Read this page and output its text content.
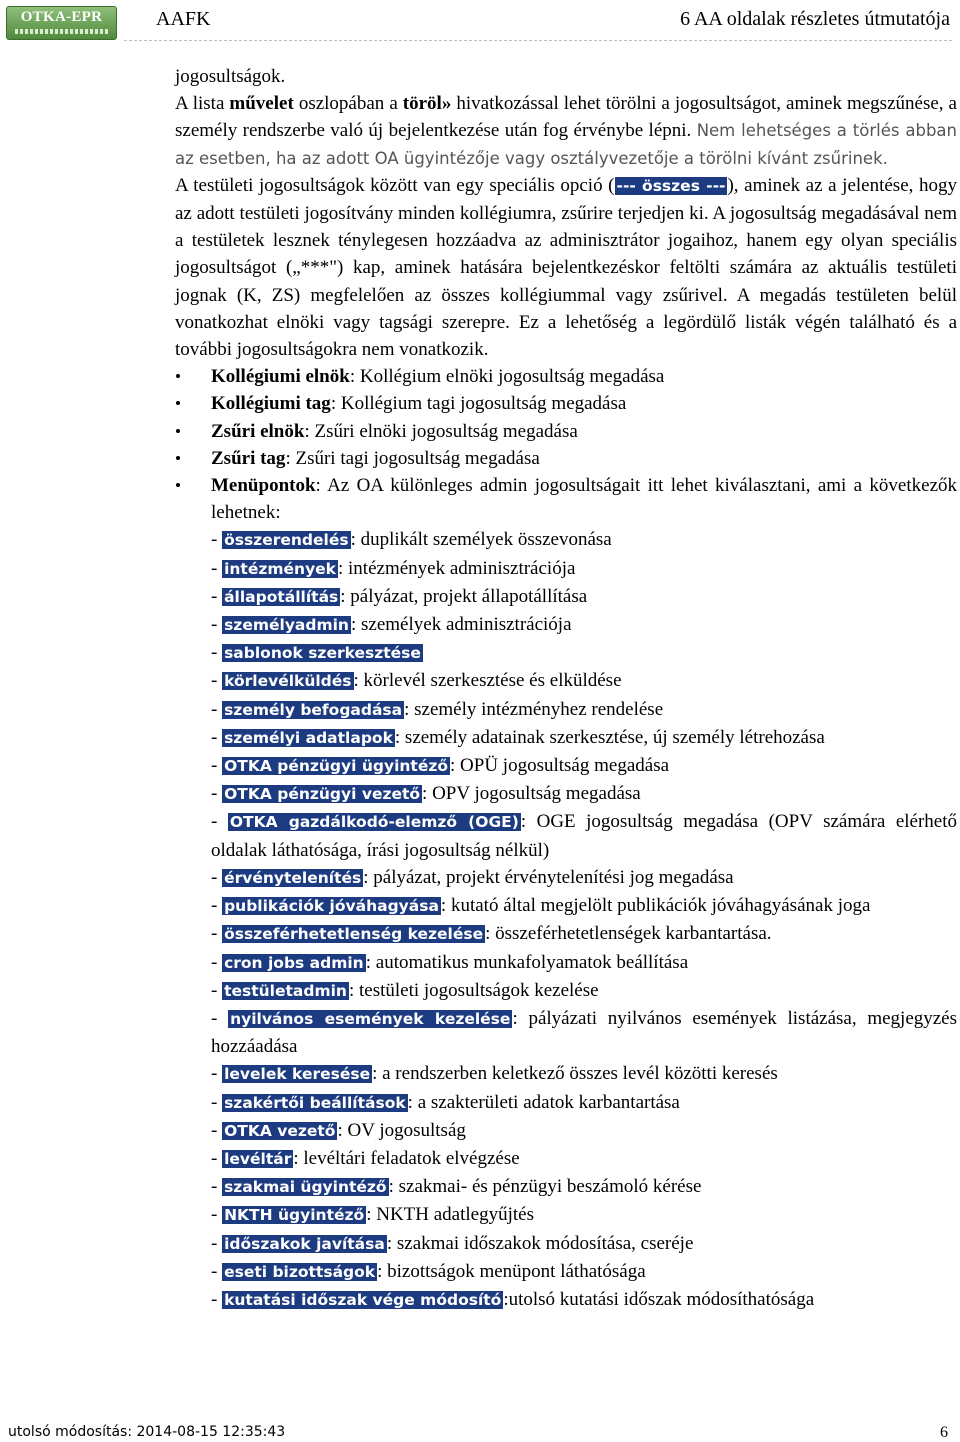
OTKA-EPR	AAFK	6 AA oldalak részletes útmutatója

jogosultságok.

A lista művelet oszlopában a töröl» hivatkozással lehet törölni a jogosultságot, aminek megszűnése, a személy rendszerbe való új bejelentkezése után fog érvénybe lépni. Nem lehetséges a törlés abban az esetben, ha az adott OA ügyintézője vagy osztályvezetője a törölni kívánt zsűrinek.

A testületi jogosultságok között van egy speciális opció ( --- összes --- ), aminek az a jelentése, hogy az adott testületi jogosítvány minden kollégiumra, zsűrire terjedjen ki. A jogosultság megadásával nem a testületek lesznek ténylegesen hozzáadva az adminisztrátor jogaihoz, hanem egy olyan speciális jogosultságot („***") kap, aminek hatására bejelentkezéskor feltölti számára az aktuális testületi jognak (K, ZS) megfelelően az összes kollégiummal vagy zsűrivel. A megadás testületen belül vonatkozhat elnöki vagy tagsági szerepre. Ez a lehetőség a legördülő listák végén található és a további jogosultságokra nem vonatkozik.

Kollégiumi elnök: Kollégium elnöki jogosultság megadása
Kollégiumi tag: Kollégium tagi jogosultság megadása
Zsűri elnök: Zsűri elnöki jogosultság megadása
Zsűri tag: Zsűri tagi jogosultság megadása
Menüpontok: Az OA különleges admin jogosultságait itt lehet kiválasztani, ami a következők lehetnek:
- összerendelés : duplikált személyek összevonása
- intézmények : intézmények adminisztrációja
- állapotállítás : pályázat, projekt állapotállítása
- személyadmin : személyek adminisztrációja
- sablonok szerkesztése
- körlevélküldés : körlevél szerkesztése és elküldése
- személy befogadása : személy intézményhez rendelése
- személyi adatlapok : személy adatainak szerkesztése, új személy létrehozása
- OTKA pénzügyi ügyintéző : OPÜ jogosultság megadása
- OTKA pénzügyi vezető : OPV jogosultság megadása
- OTKA gazdálkodó-elemző (OGE) : OGE jogosultság megadása (OPV számára elérhető oldalak láthatósága, írási jogosultság nélkül)
- érvénytelenítés : pályázat, projekt érvénytelenítési jog megadása
- publikációk jóváhagyása : kutató által megjelölt publikációk jóváhagyásának joga
- összeférhetetlenség kezelése : összeférhetetlenségek karbantartása.
- cron jobs admin : automatikus munkafolyamatok beállítása
- testületadmin : testületi jogosultságok kezelése
- nyilvános események kezelése : pályázati nyilvános események listázása, megjegyzés hozzáadása
- levelek keresése : a rendszerben keletkező összes levél közötti keresés
- szakértői beállítások : a szakterületi adatok karbantartása
- OTKA vezető : OV jogosultság
- levéltár : levéltári feladatok elvégzése
- szakmai ügyintéző : szakmai- és pénzügyi beszámoló kérése
- NKTH ügyintéző : NKTH adatlegyűjtés
- időszakok javítása : szakmai időszakok módosítása, cseréje
- eseti bizottságok : bizottságok menüpont láthatósága
- kutatási időszak vége módosító :utolsó kutatási időszak módosíthatósága
utolsó módosítás: 2014-08-15 12:35:43	6
